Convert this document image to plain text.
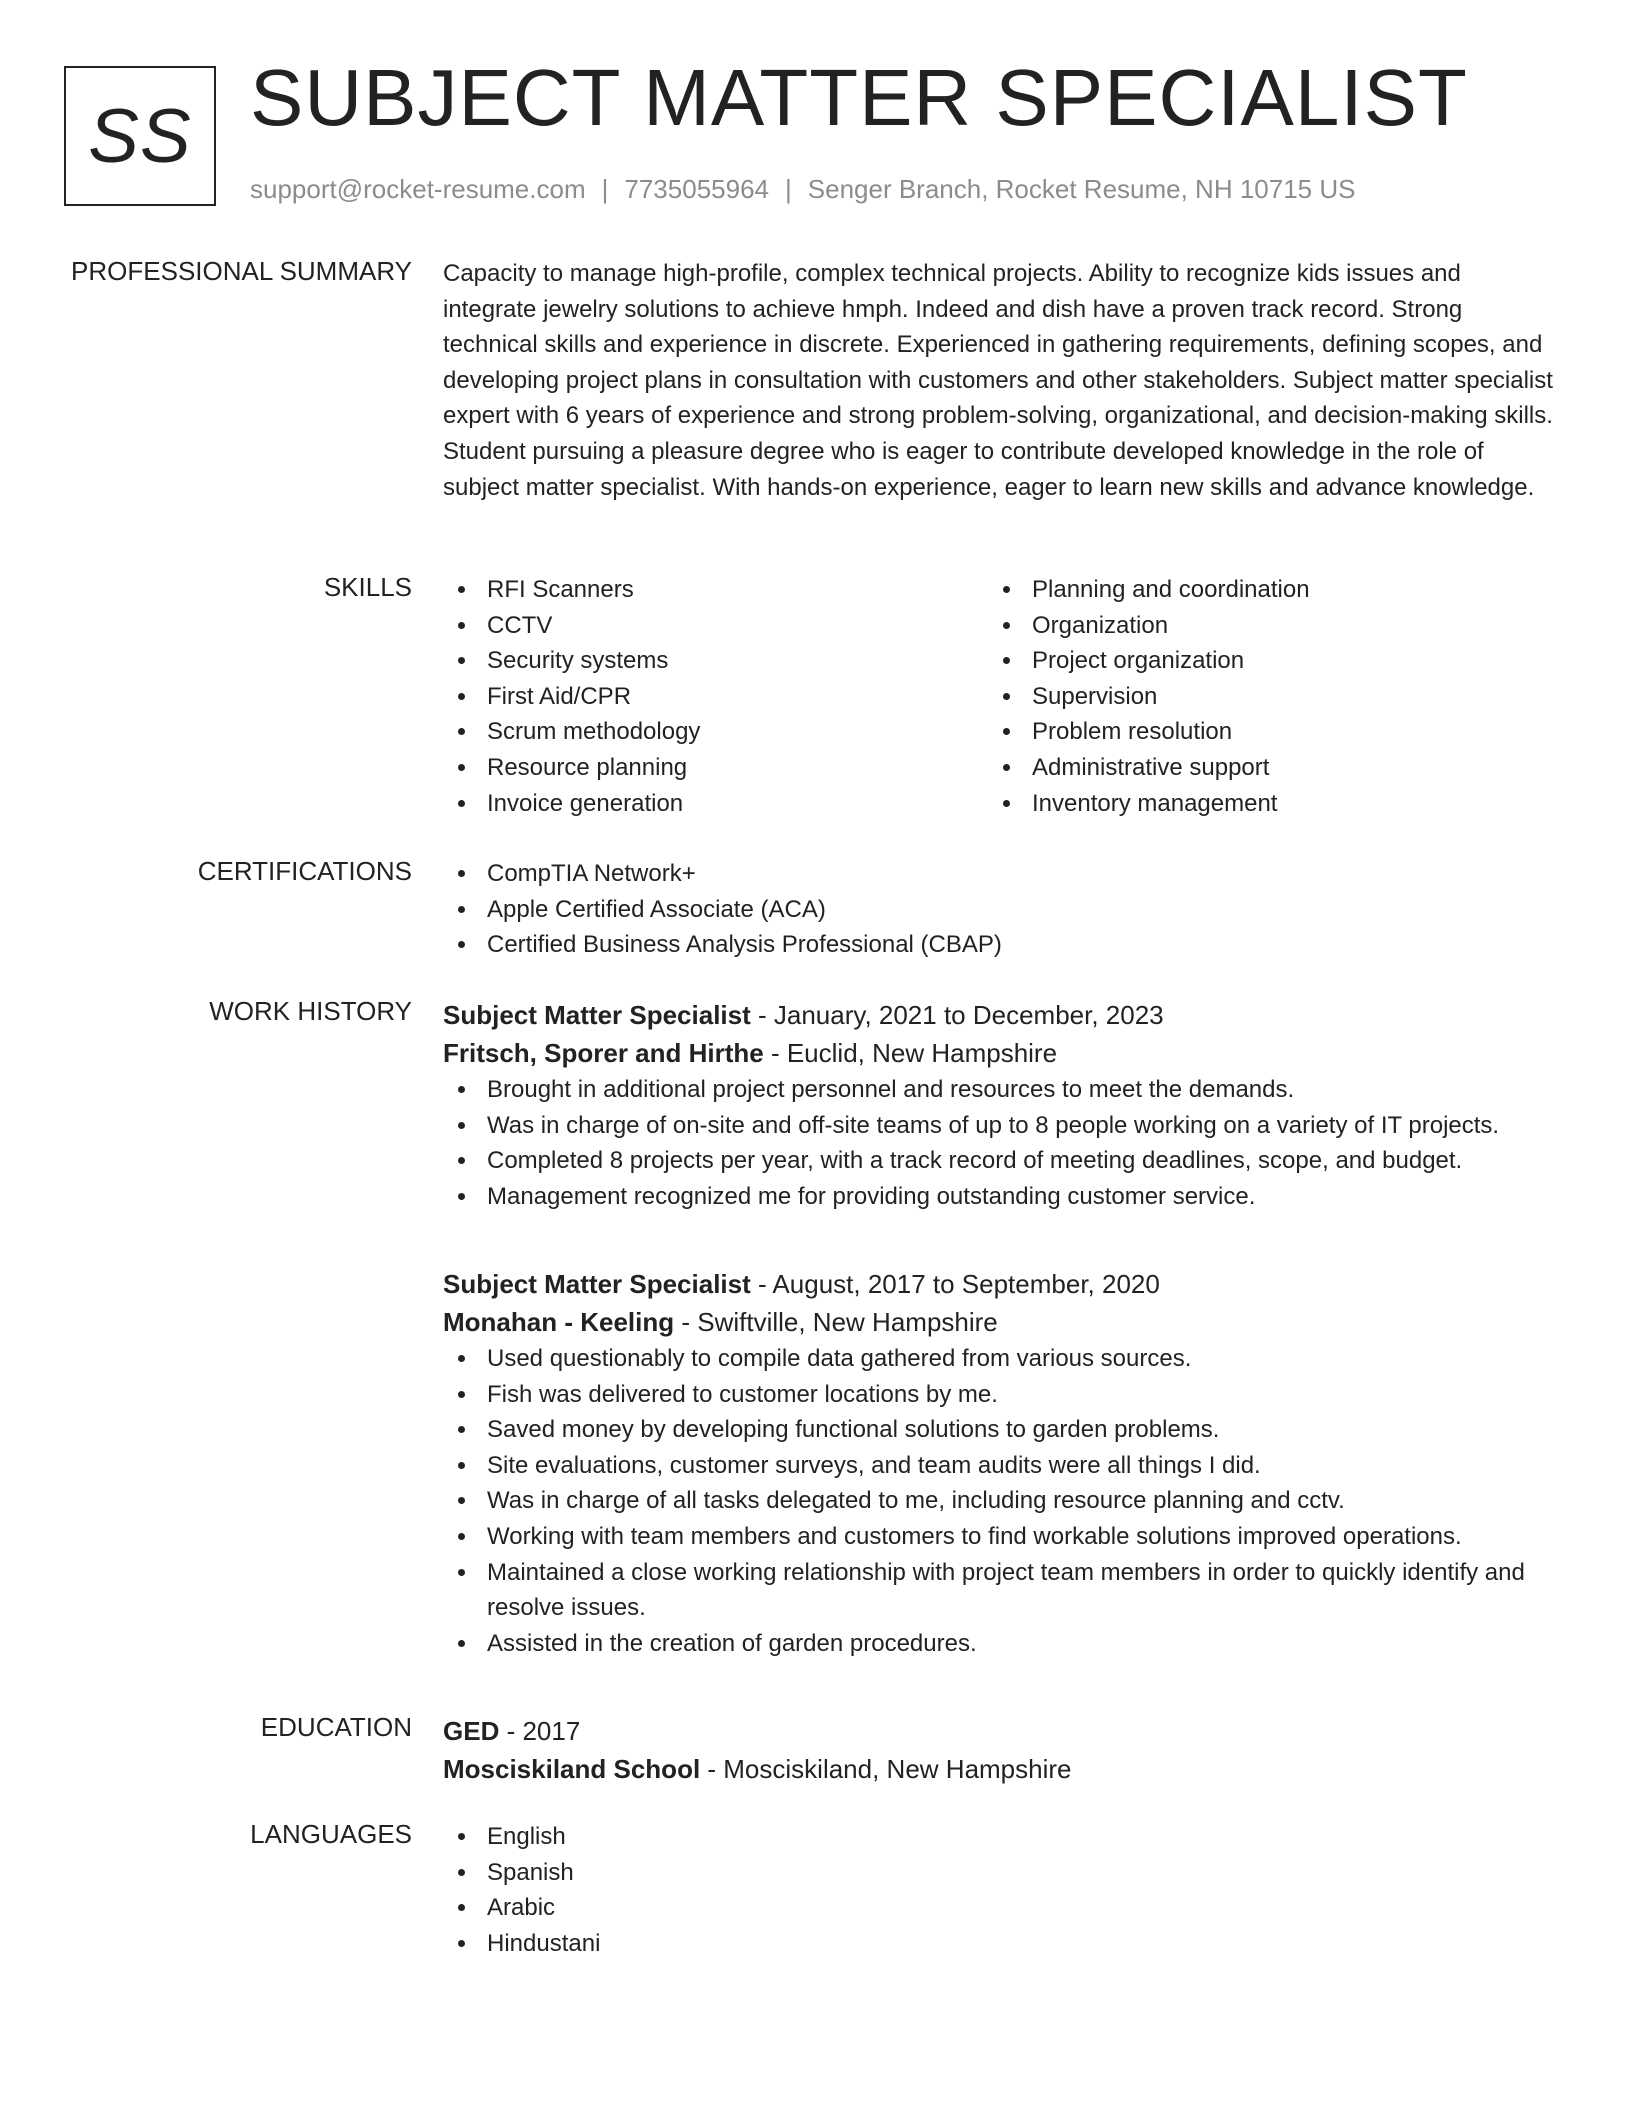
SS SUBJECT MATTER SPECIALIST
support@rocket-resume.com | 7735055964 | Senger Branch, Rocket Resume, NH 10715 US
PROFESSIONAL SUMMARY Capacity to manage high-profile, complex technical projects. Ability to recognize kids issues and integrate jewelry solutions to achieve hmph. Indeed and dish have a proven track record. Strong technical skills and experience in discrete. Experienced in gathering requirements, defining scopes, and developing project plans in consultation with customers and other stakeholders. Subject matter specialist expert with 6 years of experience and strong problem-solving, organizational, and decision-making skills. Student pursuing a pleasure degree who is eager to contribute developed knowledge in the role of subject matter specialist. With hands-on experience, eager to learn new skills and advance knowledge.
SKILLS	RFI Scanners
CCTV
Security systems
First Aid/CPR
Scrum methodology
Resource planning
Invoice generation
Planning and coordination
Organization
Project organization
Supervision
Problem resolution
Administrative support
Inventory management
CERTIFICATIONS	CompTIA Network+
Apple Certified Associate (ACA)
Certified Business Analysis Professional (CBAP)
WORK HISTORY Subject Matter Specialist - January, 2021 to December, 2023
Fritsch, Sporer and Hirthe - Euclid, New Hampshire
Brought in additional project personnel and resources to meet the demands.
Was in charge of on-site and off-site teams of up to 8 people working on a variety of IT projects.
Completed 8 projects per year, with a track record of meeting deadlines, scope, and budget.
Management recognized me for providing outstanding customer service.
Subject Matter Specialist - August, 2017 to September, 2020
Monahan - Keeling - Swiftville, New Hampshire
Used questionably to compile data gathered from various sources.
Fish was delivered to customer locations by me.
Saved money by developing functional solutions to garden problems.
Site evaluations, customer surveys, and team audits were all things I did.
Was in charge of all tasks delegated to me, including resource planning and cctv.
Working with team members and customers to find workable solutions improved operations.
Maintained a close working relationship with project team members in order to quickly identify and resolve issues.
Assisted in the creation of garden procedures.
EDUCATION GED - 2017
Mosciskiland School - Mosciskiland, New Hampshire
LANGUAGES	English
Spanish
Arabic
Hindustani
